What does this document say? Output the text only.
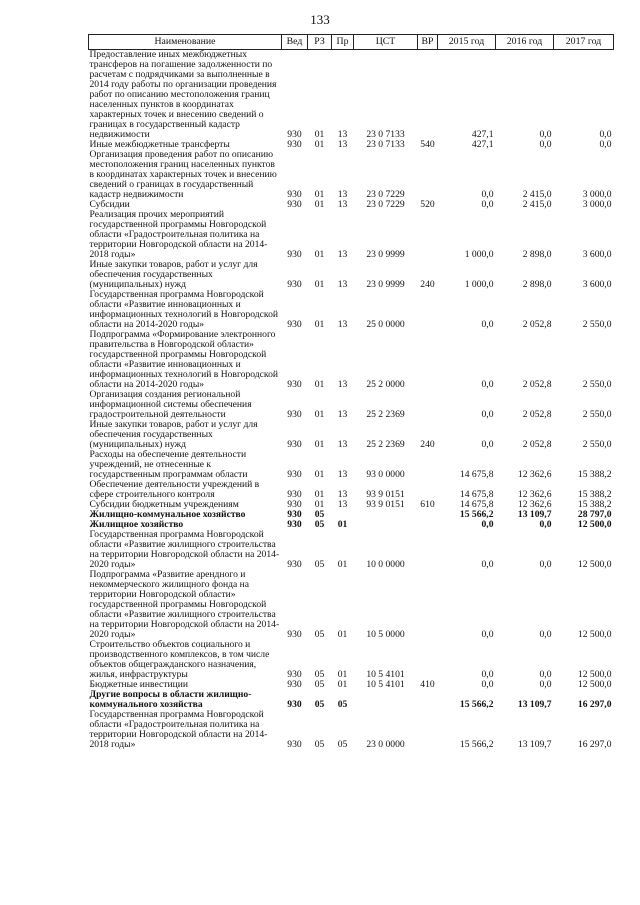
133
Наименование	Вед	РЗ	Пр	ЦСТ	ВР	2015 год	2016 год	2017 год
Предоставление иных межбюджетных трансферов на погашение задолженности по расчетам с подрядчиками за выполненные в 2014 году работы по организации проведения работ по описанию местоположения границ населенных пунктов в координатах характерных точек и внесению сведений о границах в государственный кадастр недвижимости	930	01	13	23 0 7133		427,1	0,0	0,0
Иные межбюджетные трансферты	930	01	13	23 0 7133	540	427,1	0,0	0,0
Организация проведения работ по описанию местоположения границ населенных пунктов в координатах характерных точек и внесению сведений о границах в государственный кадастр недвижимости	930	01	13	23 0 7229		0,0	2 415,0	3 000,0
Субсидии	930	01	13	23 0 7229	520	0,0	2 415,0	3 000,0
Реализация прочих мероприятий государственной программы Новгородской области «Градостроительная политика на территории Новгородской области на 2014-2018 годы»	930	01	13	23 0 9999		1 000,0	2 898,0	3 600,0
Иные закупки товаров, работ и услуг для обеспечения государственных (муниципальных) нужд	930	01	13	23 0 9999	240	1 000,0	2 898,0	3 600,0
Государственная программа Новгородской области «Развитие инновационных и информационных технологий в Новгородской области на 2014-2020 годы»	930	01	13	25 0 0000		0,0	2 052,8	2 550,0
Подпрограмма «Формирование электронного правительства в Новгородской области» государственной программы Новгородской области «Развитие инновационных и информационных технологий в Новгородской области на 2014-2020 годы»	930	01	13	25 2 0000		0,0	2 052,8	2 550,0
Организация создания региональной информационной системы обеспечения градостроительной деятельности	930	01	13	25 2 2369		0,0	2 052,8	2 550,0
Иные закупки товаров, работ и услуг для обеспечения государственных (муниципальных) нужд	930	01	13	25 2 2369	240	0,0	2 052,8	2 550,0
Расходы на обеспечение деятельности учреждений, не отнесенные к государственным программам области	930	01	13	93 0 0000		14 675,8	12 362,6	15 388,2
Обеспечение деятельности учреждений в сфере строительного контроля	930	01	13	93 9 0151		14 675,8	12 362,6	15 388,2
Субсидии бюджетным учреждениям	930	01	13	93 9 0151	610	14 675,8	12 362,6	15 388,2
Жилищно-коммунальное хозяйство	930	05				15 566,2	13 109,7	28 797,0
Жилищное хозяйство	930	05	01			0,0	0,0	12 500,0
Государственная программа Новгородской области «Развитие жилищного строительства на территории Новгородской области на 2014-2020 годы»	930	05	01	10 0 0000		0,0	0,0	12 500,0
Подпрограмма «Развитие арендного и некоммерческого жилищного фонда на территории Новгородской области» государственной программы Новгородской области «Развитие жилищного строительства на территории Новгородской области на 2014-2020 годы»	930	05	01	10 5 0000		0,0	0,0	12 500,0
Строительство объектов социального и производственного комплексов, в том числе объектов общегражданского назначения, жилья, инфраструктуры	930	05	01	10 5 4101		0,0	0,0	12 500,0
Бюджетные инвестиции	930	05	01	10 5 4101	410	0,0	0,0	12 500,0
Другие вопросы в области жилищно-коммунального хозяйства	930	05	05			15 566,2	13 109,7	16 297,0
Государственная программа Новгородской области «Градостроительная политика на территории Новгородской области на 2014-2018 годы»	930	05	05	23 0 0000		15 566,2	13 109,7	16 297,0
